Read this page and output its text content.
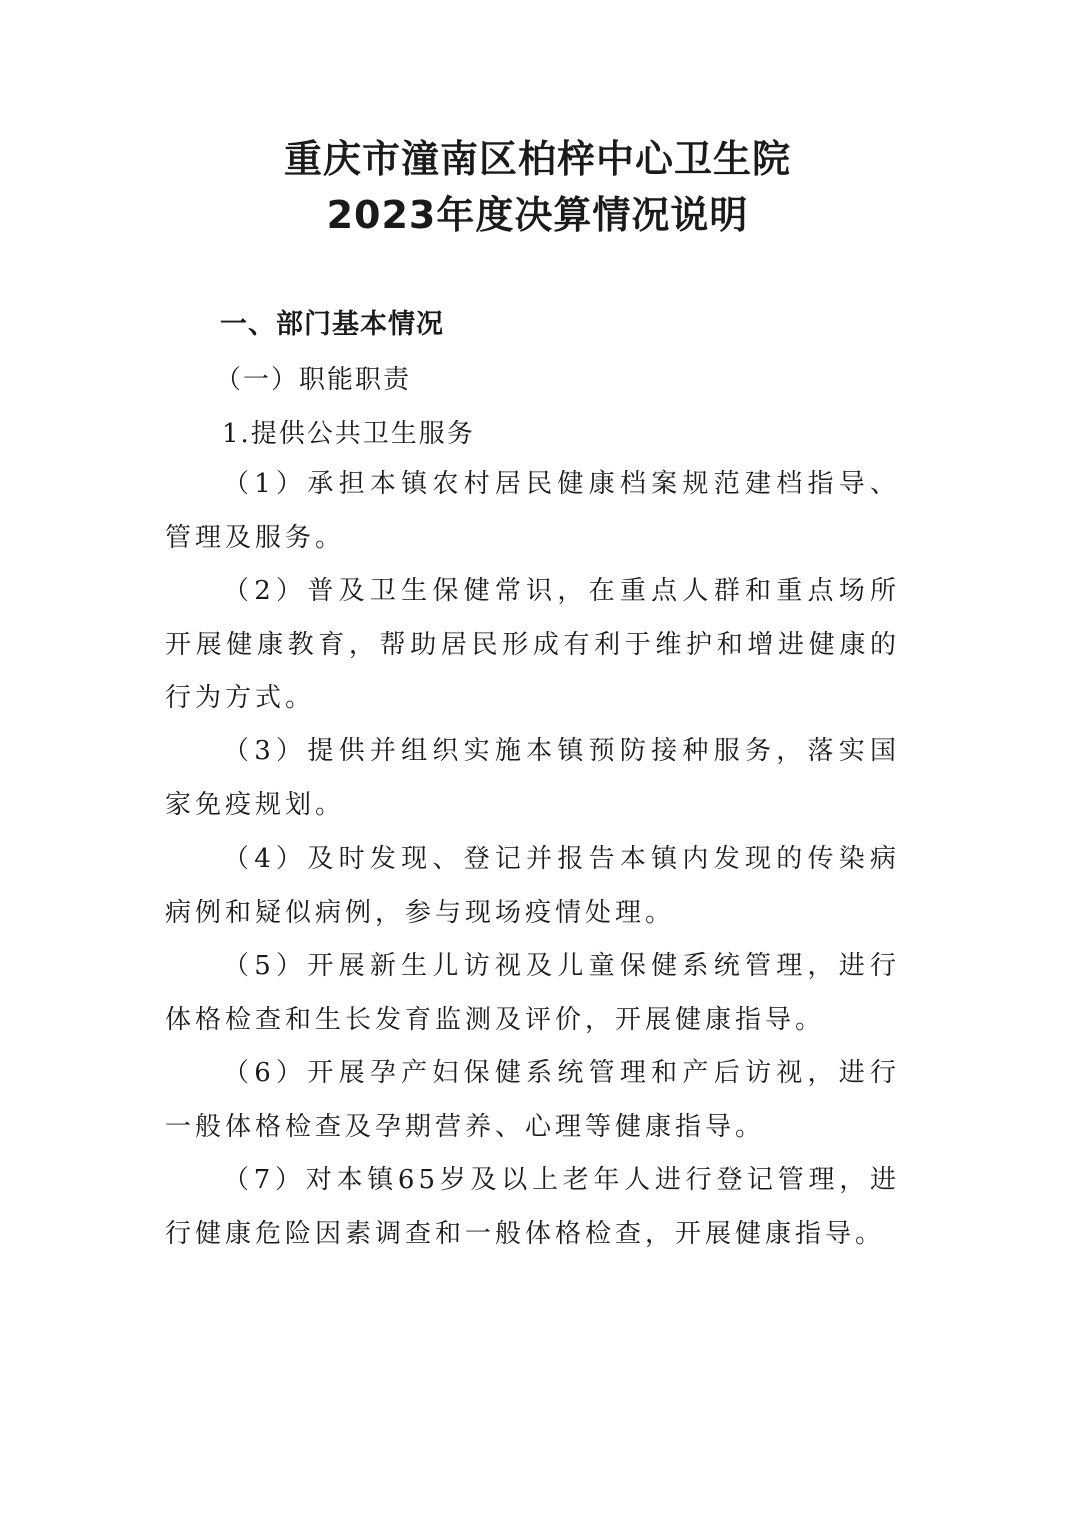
重庆市潼南区柏梓中心卫生院
2023年度决算情况说明
一、部门基本情况
（一）职能职责
1.提供公共卫生服务
（1）承担本镇农村居民健康档案规范建档指导、管理及服务。
（2）普及卫生保健常识，在重点人群和重点场所开展健康教育，帮助居民形成有利于维护和增进健康的行为方式。
（3）提供并组织实施本镇预防接种服务，落实国家免疫规划。
（4）及时发现、登记并报告本镇内发现的传染病病例和疑似病例，参与现场疫情处理。
（5）开展新生儿访视及儿童保健系统管理，进行体格检查和生长发育监测及评价，开展健康指导。
（6）开展孕产妇保健系统管理和产后访视，进行一般体格检查及孕期营养、心理等健康指导。
（7）对本镇65岁及以上老年人进行登记管理，进行健康危险因素调查和一般体格检查，开展健康指导。
